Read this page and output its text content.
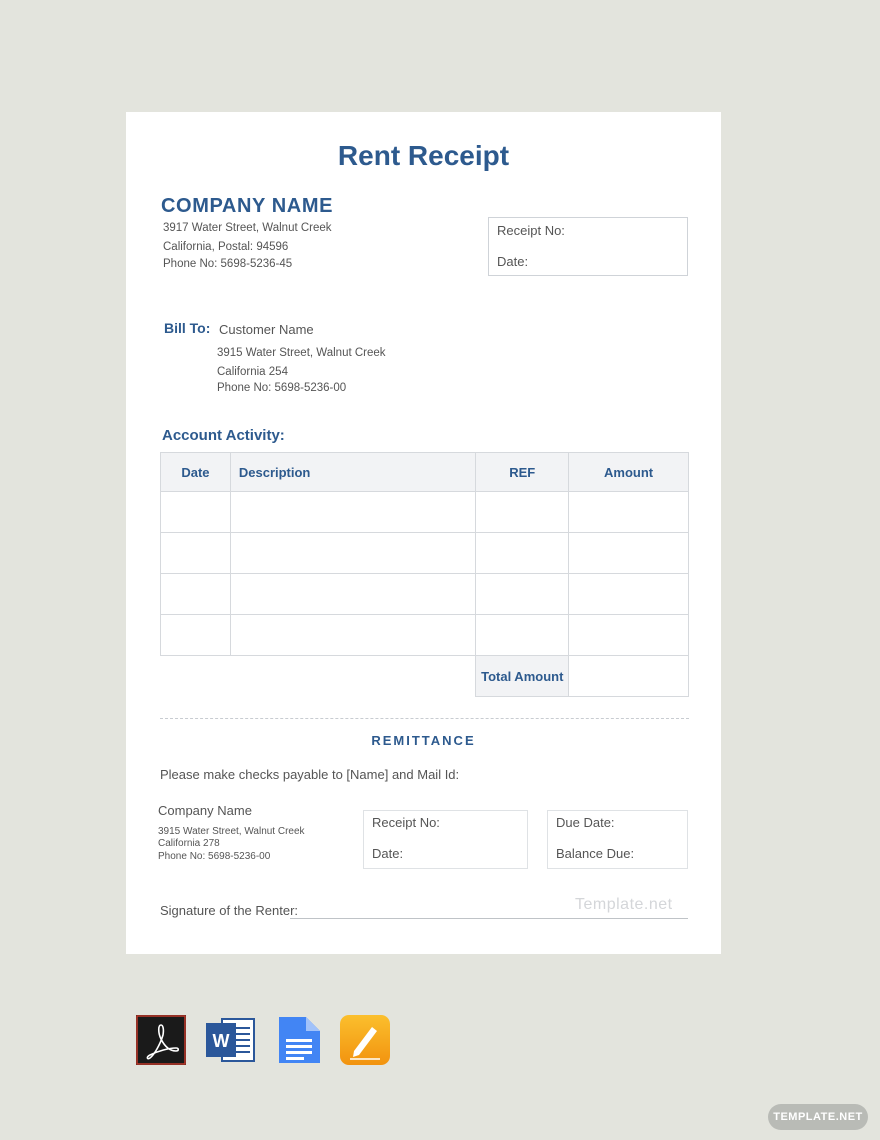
Rent Receipt
COMPANY NAME
3917 Water Street, Walnut Creek
California, Postal: 94596
Phone No: 5698-5236-45
Receipt No:
Date:
Bill To: Customer Name
3915 Water Street, Walnut Creek
California 254
Phone No: 5698-5236-00
Account Activity:
Date	Description	REF	Amount

		Total Amount	
REMITTANCE
Please make checks payable to [Name] and Mail Id:
Company Name
3915 Water Street, Walnut Creek
California 278
Phone No: 5698-5236-00
Receipt No:
Date:
Due Date:
Balance Due:
Signature of the Renter:	Template.net
W
TEMPLATE.NET
